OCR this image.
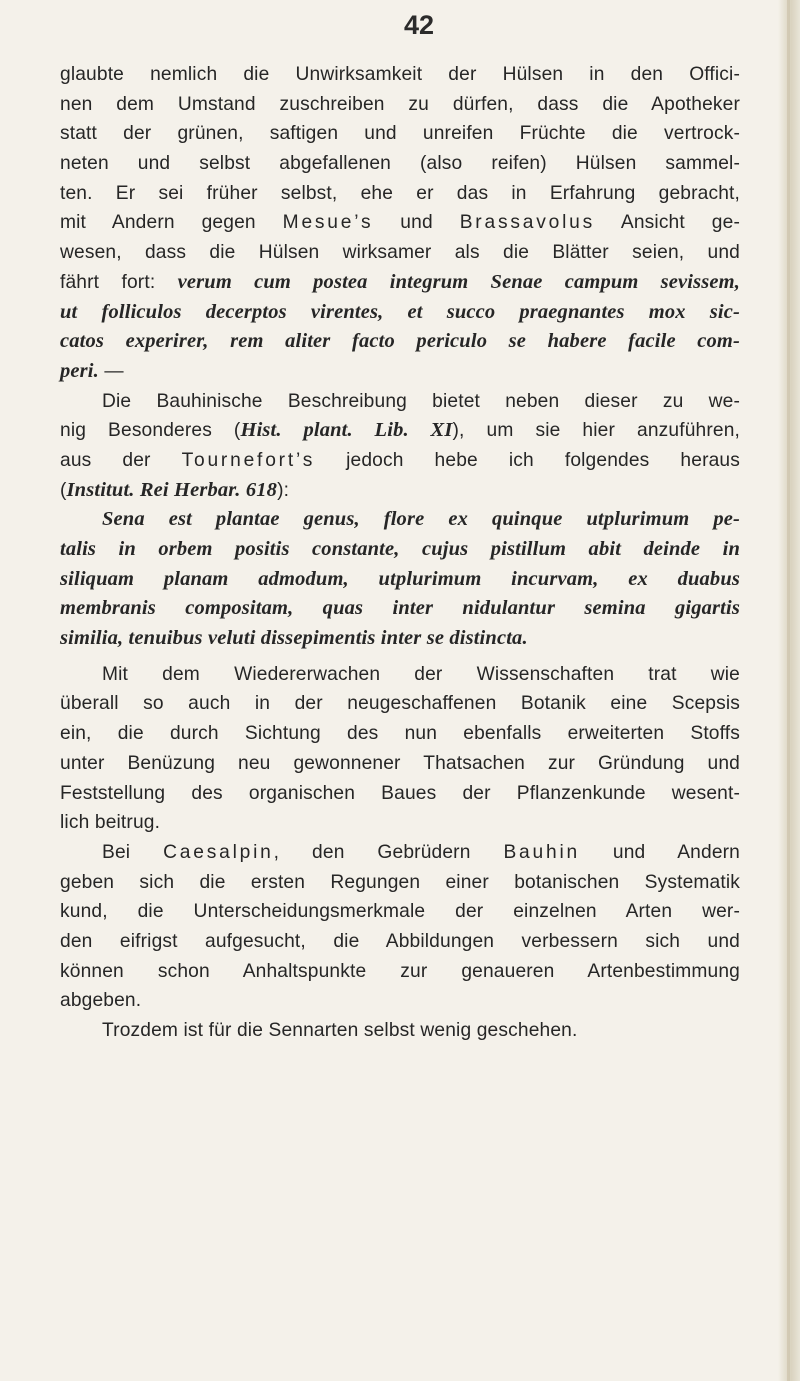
42
glaubte nemlich die Unwirksamkeit der Hülsen in den Offici-
nen dem Umstand zuschreiben zu dürfen, dass die Apotheker
statt der grünen, saftigen und unreifen Früchte die vertrock-
neten und selbst abgefallenen (also reifen) Hülsen sammel-
ten. Er sei früher selbst, ehe er das in Erfahrung gebracht,
mit Andern gegen Mesue’s und Brassavolus Ansicht ge-
wesen, dass die Hülsen wirksamer als die Blätter seien, und
fährt fort: verum cum postea integrum Senae campum sevissem,
ut folliculos decerptos virentes, et succo praegnantes mox sic-
catos experirer, rem aliter facto periculo se habere facile com-
peri. —
Die Bauhinische Beschreibung bietet neben dieser zu we-
nig Besonderes (Hist. plant. Lib. XI), um sie hier anzuführen,
aus der Tournefort’s jedoch hebe ich folgendes heraus
(Institut. Rei Herbar. 618):
Sena est plantae genus, flore ex quinque utplurimum pe-
talis in orbem positis constante, cujus pistillum abit deinde in
siliquam planam admodum, utplurimum incurvam, ex duabus
membranis compositam, quas inter nidulantur semina gigartis
similia, tenuibus veluti dissepimentis inter se distincta.
Mit dem Wiedererwachen der Wissenschaften trat wie
überall so auch in der neugeschaffenen Botanik eine Scepsis
ein, die durch Sichtung des nun ebenfalls erweiterten Stoffs
unter Benüzung neu gewonnener Thatsachen zur Gründung und
Feststellung des organischen Baues der Pflanzenkunde wesent-
lich beitrug.
Bei Caesalpin, den Gebrüdern Bauhin und Andern
geben sich die ersten Regungen einer botanischen Systematik
kund, die Unterscheidungsmerkmale der einzelnen Arten wer-
den eifrigst aufgesucht, die Abbildungen verbessern sich und
können schon Anhaltspunkte zur genaueren Artenbestimmung
abgeben.
Trozdem ist für die Sennarten selbst wenig geschehen.
